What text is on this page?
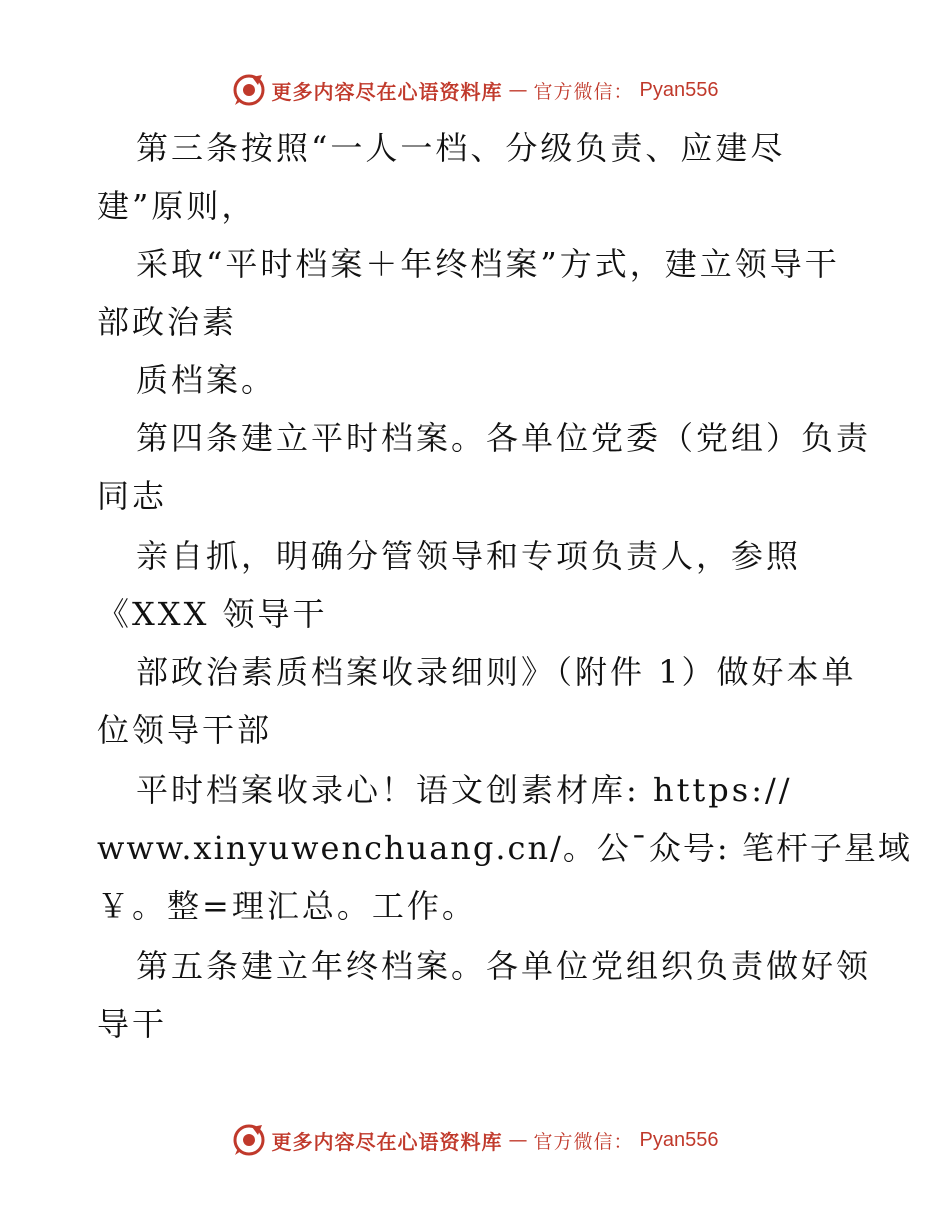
更多内容尽在心语资料库 — 官方微信： Pyan556
第三条按照“一人一档、分级负责、应建尽
建”原则，
采取“平时档案＋年终档案”方式，建立领导干
部政治素
质档案。
第四条建立平时档案。各单位党委（党组）负责
同志
亲自抓，明确分管领导和专项负责人，参照
《XXX 领导干
部政治素质档案收录细则》（附件 1）做好本单
位领导干部
平时档案收录心！语文创素材库: https://
www.xinyuwenchuang.cn/。公¯众号: 笔杆子星域
￥。整=理汇总。工作。
第五条建立年终档案。各单位党组织负责做好领
导干
更多内容尽在心语资料库 — 官方微信： Pyan556
